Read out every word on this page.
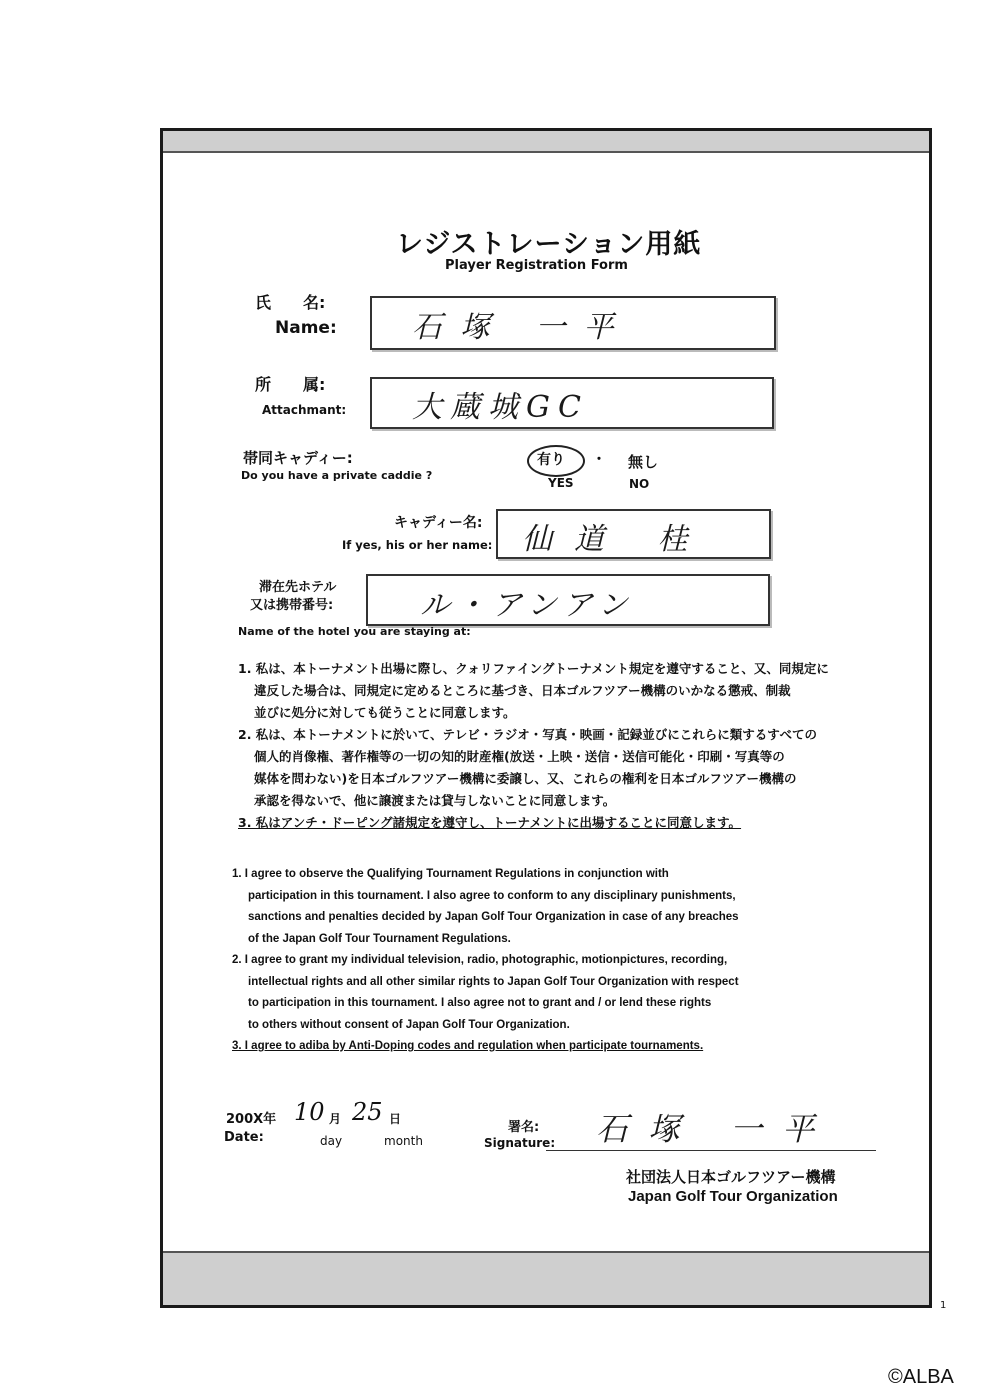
レジストレーション用紙
Player Registration Form
氏　　名:
Name:	石塚 一平
所　　属:
Attachmant: 大蔵城GC
帯同キャディー:
Do you have a private caddie ?
有り ・ 無し
YES	NO
キャディー名:
If yes, his or her name: 仙道 桂
滞在先ホテル
又は携帯番号:	ル・アンアン
Name of the hotel you are staying at:
1. 私は、本トーナメント出場に際し、クォリファイングトーナメント規定を遵守すること、又、同規定に
違反した場合は、同規定に定めるところに基づき、日本ゴルフツアー機構のいかなる懲戒、制裁
並びに処分に対しても従うことに同意します。
2. 私は、本トーナメントに於いて、テレビ・ラジオ・写真・映画・記録並びにこれらに類するすべての
個人的肖像権、著作権等の一切の知的財産権(放送・上映・送信・送信可能化・印刷・写真等の
媒体を問わない)を日本ゴルフツアー機構に委譲し、又、これらの権利を日本ゴルフツアー機構の
承認を得ないで、他に譲渡または貸与しないことに同意します。
3. 私はアンチ・ドーピング諸規定を遵守し、トーナメントに出場することに同意します。
1. I agree to observe the Qualifying Tournament Regulations in conjunction with
participation in this tournament. I also agree to conform to any disciplinary punishments,
sanctions and penalties decided by Japan Golf Tour Organization in case of any breaches
of the Japan Golf Tour Tournament Regulations.
2. I agree to grant my individual television, radio, photographic, motionpictures, recording,
intellectual rights and all other similar rights to Japan Golf Tour Organization with respect
to participation in this tournament. I also agree not to grant and / or lend these rights
to others without consent of Japan Golf Tour Organization.
3. I agree to adiba by Anti-Doping codes and regulation when participate tournaments.
200X年 10 月 25 日
Date:	day	month
署名:
Signature: 石塚 一平
社団法人日本ゴルフツアー機構
Japan Golf Tour Organization
1
©ALBA
